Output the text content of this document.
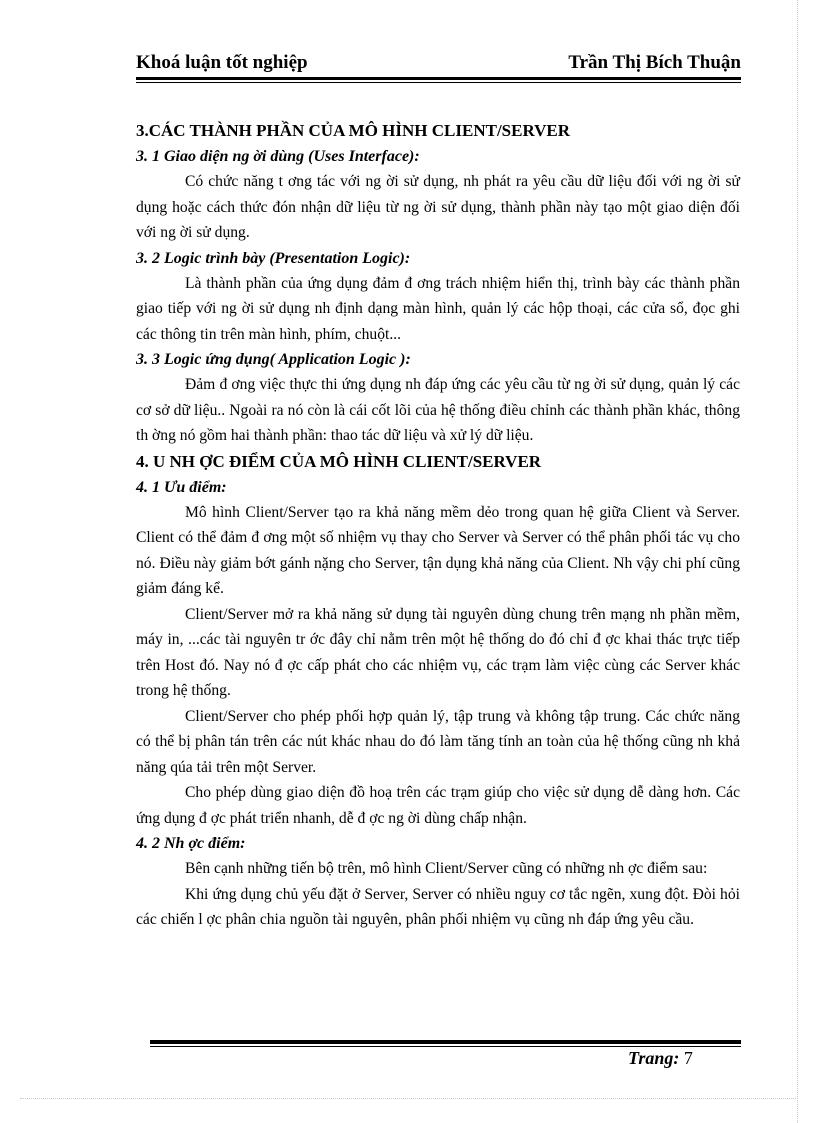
Khoá luận tốt nghiệp	Trần Thị Bích Thuận
3.CÁC THÀNH PHẦN CỦA MÔ HÌNH CLIENT/SERVER
3. 1 Giao diện ng ời dùng (Uses Interface):

Có chức năng t ơng tác với ng ời sử dụng, nh phát ra yêu cầu dữ liệu đối với ng ời sử dụng hoặc cách thức đón nhận dữ liệu từ ng ời sử dụng, thành phần này tạo một giao diện đối với ng ời sử dụng.

3. 2 Logic trình bày (Presentation Logic):

Là thành phần của ứng dụng đảm đ ơng trách nhiệm hiển thị, trình bày các thành phần giao tiếp với ng ời sử dụng nh định dạng màn hình, quản lý các hộp thoại, các cửa sổ, đọc ghi các thông tin trên màn hình, phím, chuột...

3. 3 Logic ứng dụng( Application Logic ):

Đảm đ ơng việc thực thi ứng dụng nh đáp ứng các yêu cầu từ ng ời sử dụng, quản lý các cơ sở dữ liệu.. Ngoài ra nó còn là cái cốt lõi của hệ thống điều chỉnh các thành phần khác, thông th ờng nó gồm hai thành phần: thao tác dữ liệu và xử lý dữ liệu.

4. U NH ỢC ĐIỂM CỦA MÔ HÌNH CLIENT/SERVER
4. 1 Ưu điểm:

Mô hình Client/Server tạo ra khả năng mềm dẻo trong quan hệ giữa Client và Server. Client có thể đảm đ ơng một số nhiệm vụ thay cho Server và Server có thể phân phối tác vụ cho nó. Điều này giảm bớt gánh nặng cho Server, tận dụng khả năng của Client. Nh vậy chi phí cũng giảm đáng kể.

Client/Server mở ra khả năng sử dụng tài nguyên dùng chung trên mạng nh phần mềm, máy in, ...các tài nguyên tr ớc đây chỉ nằm trên một hệ thống do đó chỉ đ ợc khai thác trực tiếp trên Host đó. Nay nó đ ợc cấp phát cho các nhiệm vụ, các trạm làm việc cùng các Server khác trong hệ thống.

Client/Server cho phép phối hợp quản lý, tập trung và không tập trung. Các chức năng có thể bị phân tán trên các nút khác nhau do đó làm tăng tính an toàn của hệ thống cũng nh khả năng qúa tải trên một Server.

Cho phép dùng giao diện đồ hoạ trên các trạm giúp cho việc sử dụng dễ dàng hơn. Các ứng dụng đ ợc phát triển nhanh, dễ đ ợc ng ời dùng chấp nhận.

4. 2 Nh ợc điểm:

Bên cạnh những tiến bộ trên, mô hình Client/Server cũng có những nh ợc điểm sau:

Khi ứng dụng chủ yếu đặt ở Server, Server có nhiều nguy cơ tắc ngẽn, xung đột. Đòi hỏi các chiến l ợc phân chia nguồn tài nguyên, phân phối nhiệm vụ cũng nh đáp ứng yêu cầu.

Trang: 7
